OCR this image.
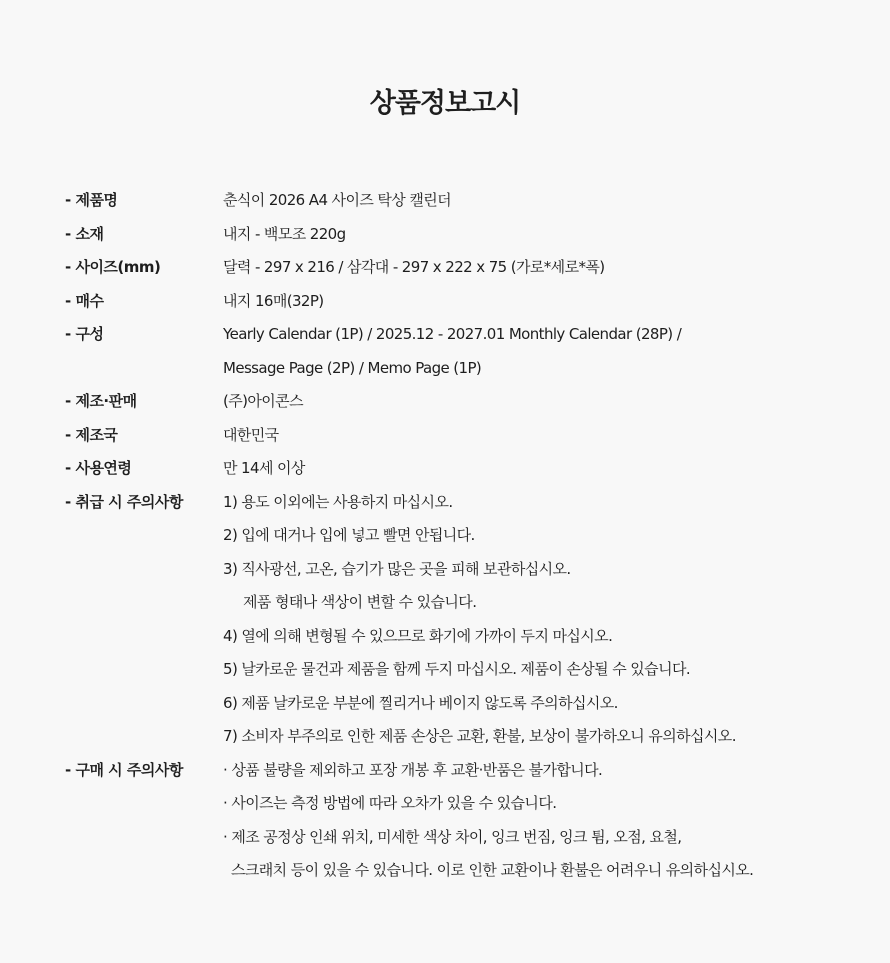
상품정보고시
- 제품명	춘식이 2026 A4 사이즈 탁상 캘린더
- 소재	내지 - 백모조 220g
- 사이즈(mm)	달력 - 297 x 216 / 삼각대 - 297 x 222 x 75 (가로*세로*폭)
- 매수	내지 16매(32P)
- 구성	Yearly Calendar (1P) / 2025.12 - 2027.01 Monthly Calendar (28P) /
Message Page (2P) / Memo Page (1P)
- 제조·판매	(주)아이콘스
- 제조국	대한민국
- 사용연령	만 14세 이상
- 취급 시 주의사항	1) 용도 이외에는 사용하지 마십시오.
2) 입에 대거나 입에 넣고 빨면 안됩니다.
3) 직사광선, 고온, 습기가 많은 곳을 피해 보관하십시오.
제품 형태나 색상이 변할 수 있습니다.
4) 열에 의해 변형될 수 있으므로 화기에 가까이 두지 마십시오.
5) 날카로운 물건과 제품을 함께 두지 마십시오. 제품이 손상될 수 있습니다.
6) 제품 날카로운 부분에 찔리거나 베이지 않도록 주의하십시오.
7) 소비자 부주의로 인한 제품 손상은 교환, 환불, 보상이 불가하오니 유의하십시오.
- 구매 시 주의사항	· 상품 불량을 제외하고 포장 개봉 후 교환·반품은 불가합니다.
· 사이즈는 측정 방법에 따라 오차가 있을 수 있습니다.
· 제조 공정상 인쇄 위치, 미세한 색상 차이, 잉크 번짐, 잉크 튐, 오점, 요철,
스크래치 등이 있을 수 있습니다. 이로 인한 교환이나 환불은 어려우니 유의하십시오.
